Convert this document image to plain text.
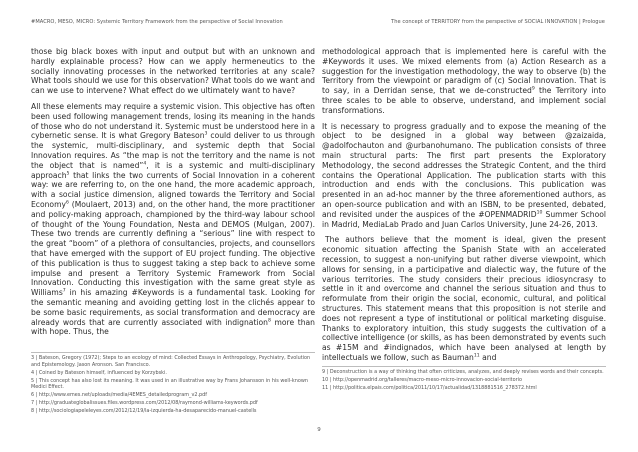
#MACRO, MESO, MICRO: Systemic Territory Framework from the perspective of Social Innovation	The concept of TERRITORY from the perspective of SOCIAL INNOVATION | Prologue

those big black boxes with input and output but with an unknown and hardly explainable process? How can we apply hermeneutics to the socially innovating processes in the networked territories at any scale? What tools should we use for this observation? What tools do we want and can we use to intervene? What effect do we ultimately want to have?

All these elements may require a systemic vision. This objective has often been used following management trends, losing its meaning in the hands of those who do not understand it. Systemic must be understood here in a cybernetic sense. It is what Gregory Bateson$^3$ could deliver to us through the systemic, multi-disciplinary, and systemic depth that Social Innovation requires. As “the map is not the territory and the name is not the object that is named”$^4$, it is a systemic and multi-disciplinary approach$^5$ that links the two currents of Social Innovation in a coherent way: we are referring to, on the one hand, the more academic approach, with a social justice dimension, aligned towards the Territory and Social Economy$^6$ (Moulaert, 2013) and, on the other hand, the more practitioner and policy-making approach, championed by the third-way labour school of thought of the Young Foundation, Nesta and DEMOS (Mulgan, 2007). These two trends are currently defining a “serious” line with respect to the great “boom” of a plethora of consultancies, projects, and counsellors that have emerged with the support of EU project funding. The objective of this publication is thus to suggest taking a step back to achieve some impulse and present a Territory Systemic Framework from Social Innovation. Conducting this investigation with the same great style as Williams$^7$ in his amazing #Keywords is a fundamental task. Looking for the semantic meaning and avoiding getting lost in the clichés appear to be some basic requirements, as social transformation and democracy are already words that are currently associated with indignation$^8$ more than with hope. Thus, the

methodological approach that is implemented here is careful with the #Keywords it uses. We mixed elements from (a) Action Research as a suggestion for the investigation methodology, the way to observe (b) the Territory from the viewpoint or paradigm of (c) Social Innovation. That is to say, in a Derridan sense, that we de-constructed$^9$ the Territory into three scales to be able to observe, understand, and implement social transformations.

It is necessary to progress gradually and to expose the meaning of the object to be designed in a global way between @zaizaida, @adolfochauton and @urbanohumano. The publication consists of three main structural parts: The first part presents the Exploratory Methodology, the second addresses the Strategic Content, and the third contains the Operational Application. The publication starts with this introduction and ends with the conclusions. This publication was presented in an ad-hoc manner by the three aforementioned authors, as an open-source publication and with an ISBN, to be presented, debated, and revisited under the auspices of the #OPENMADRID$^{10}$ Summer School in Madrid, MediaLab Prado and Juan Carlos University, June 24-26, 2013.

The authors believe that the moment is ideal, given the present economic situation affecting the Spanish State with an accelerated recession, to suggest a non-unifying but rather diverse viewpoint, which allows for sensing, in a participative and dialectic way, the future of the various territories. The study considers their precious idiosyncrasy to settle in it and overcome and channel the serious situation and thus to reformulate from their origin the social, economic, cultural, and political structures. This statement means that this proposition is not sterile and does not represent a type of institutional or political marketing disguise. Thanks to exploratory intuition, this study suggests the cultivation of a collective intelligence (or skills, as has been demonstrated by events such as #15M and #indignados, which have been analysed at length by intellectuals we follow, such as Bauman$^{11}$ and

3 | Bateson, Gregory (1972); Steps to an ecology of mind: Collected Essays in Anthropology, Psychiatry, Evolution and Epistemology. Jason Aronson. San Francisco.
4 | Coined by Bateson himself, influenced by Korzybski.
5 | This concept has also lost its meaning. It was used in an illustrative way by Frans Johansson in his well-known Medici Effect.
6 | http://www.emes.net/uploads/media/4EMES_detailedprogram_v2.pdf
7 | http://graduateglobalissues.files.wordpress.com/2012/08/raymond-williams-keywords.pdf
8 | http://sociologiapeleleyes.com/2012/12/19/la-izquierda-ha-desaparecido-manuel-castells
9 | Deconstruction is a way of thinking that often criticizes, analyzes, and deeply revises words and their concepts.
10 | http://openmadrid.org/talleres/macro-meso-micro-innovacion-social-territorio
11 | http://politica.elpais.com/politica/2011/10/17/actualidad/1318881516_278372.html
9
